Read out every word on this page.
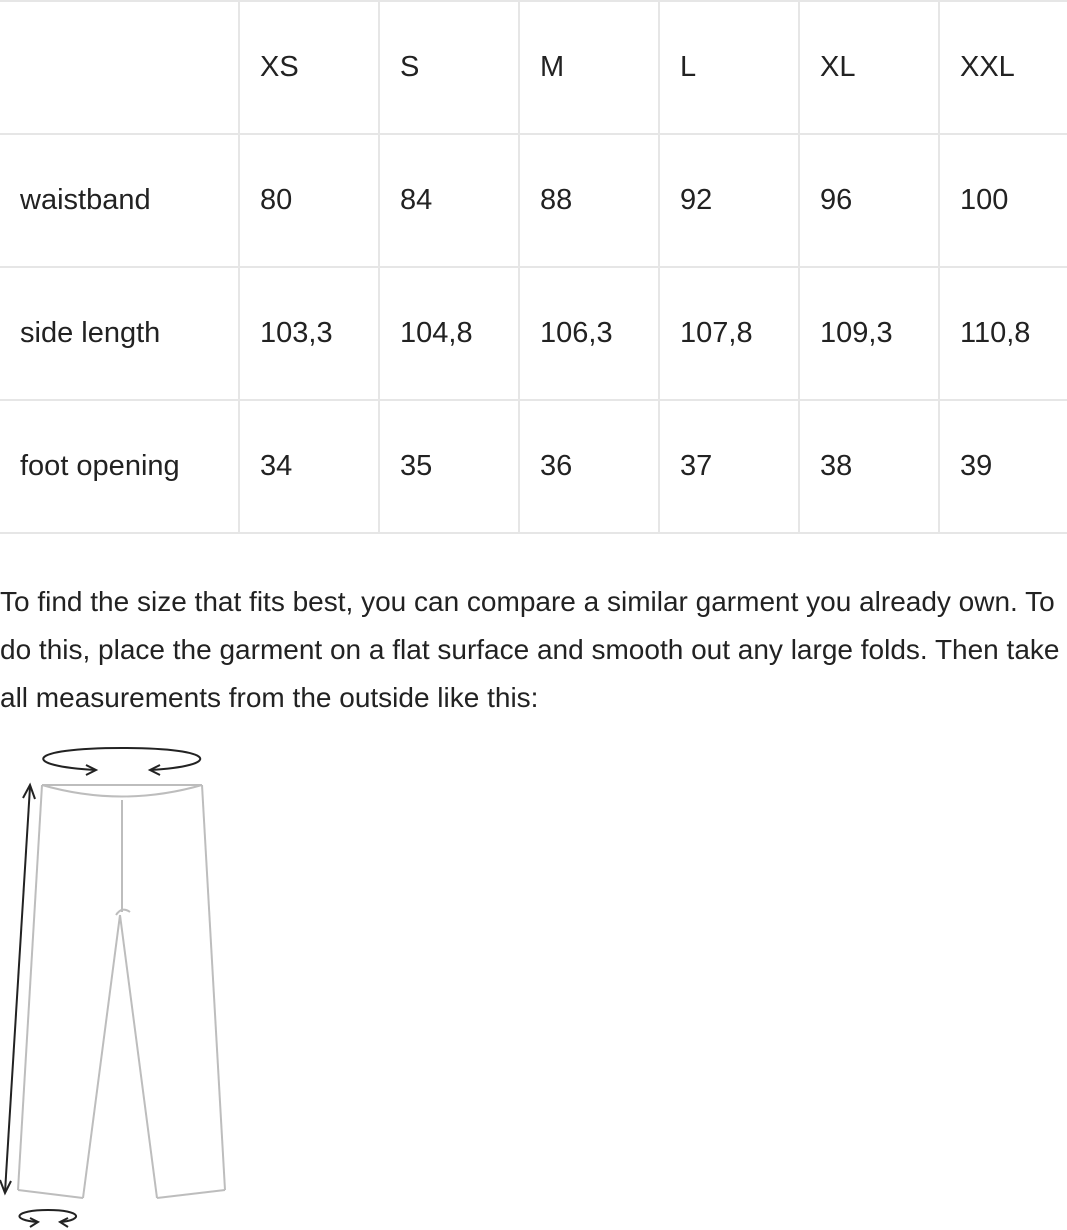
	XS	S	M	L	XL	XXL
waistband	80	84	88	92	96	100
side length	103,3	104,8	106,3	107,8	109,3	110,8
foot opening	34	35	36	37	38	39

To find the size that fits best, you can compare a similar garment you already own. To do this, place the garment on a flat surface and smooth out any large folds. Then take all measurements from the outside like this:
